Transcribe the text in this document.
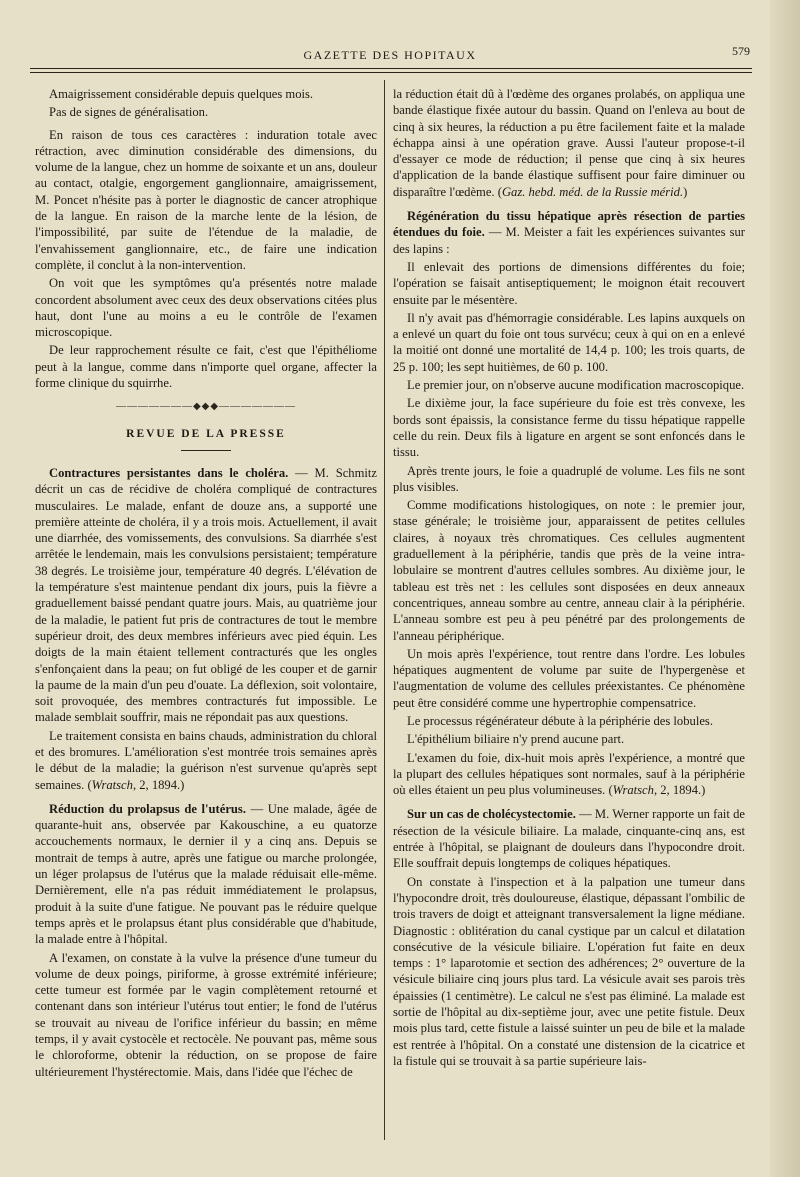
GAZETTE DES HOPITAUX	579

Amaigrissement considérable depuis quelques mois.

Pas de signes de généralisation.

En raison de tous ces caractères : induration totale avec rétraction, avec diminution considérable des dimensions, du volume de la langue, chez un homme de soixante et un ans, douleur au contact, otalgie, engorgement ganglionnaire, amaigrissement, M. Poncet n'hésite pas à porter le diagnostic de cancer atrophique de la langue. En raison de la marche lente de la lésion, de l'impossibilité, par suite de l'étendue de la maladie, de l'envahissement ganglionnaire, etc., de faire une indication complète, il conclut à la non-intervention.

On voit que les symptômes qu'a présentés notre malade concordent absolument avec ceux des deux observations citées plus haut, dont l'une au moins a eu le contrôle de l'examen microscopique.

De leur rapprochement résulte ce fait, c'est que l'épithéliome peut à la langue, comme dans n'importe quel organe, affecter la forme clinique du squirrhe.

———————◆◆◆———————
REVUE DE LA PRESSE

Contractures persistantes dans le choléra. — M. Schmitz décrit un cas de récidive de choléra compliqué de contractures musculaires. Le malade, enfant de douze ans, a supporté une première atteinte de choléra, il y a trois mois. Actuellement, il avait une diarrhée, des vomissements, des convulsions. Sa diarrhée s'est arrêtée le lendemain, mais les convulsions persistaient; température 38 degrés. Le troisième jour, température 40 degrés. L'élévation de la température s'est maintenue pendant dix jours, puis la fièvre a graduellement baissé pendant quatre jours. Mais, au quatrième jour de la maladie, le patient fut pris de contractures de tout le membre supérieur droit, des deux membres inférieurs avec pied équin. Les doigts de la main étaient tellement contracturés que les ongles s'enfonçaient dans la peau; on fut obligé de les couper et de garnir la paume de la main d'un peu d'ouate. La déflexion, soit volontaire, soit provoquée, des membres contracturés fut impossible. Le malade semblait souffrir, mais ne répondait pas aux questions.

Le traitement consista en bains chauds, administration du chloral et des bromures. L'amélioration s'est montrée trois semaines après le début de la maladie; la guérison n'est survenue qu'après sept semaines. (Wratsch, 2, 1894.)

Réduction du prolapsus de l'utérus. — Une malade, âgée de quarante-huit ans, observée par Kakouschine, a eu quatorze accouchements normaux, le dernier il y a cinq ans. Depuis se montrait de temps à autre, après une fatigue ou marche prolongée, un léger prolapsus de l'utérus que la malade réduisait elle-même. Dernièrement, elle n'a pas réduit immédiatement le prolapsus, produit à la suite d'une fatigue. Ne pouvant pas le réduire quelque temps après et le prolapsus étant plus considérable que d'habitude, la malade entre à l'hôpital.

A l'examen, on constate à la vulve la présence d'une tumeur du volume de deux poings, piriforme, à grosse extrémité inférieure; cette tumeur est formée par le vagin complètement retourné et contenant dans son intérieur l'utérus tout entier; le fond de l'utérus se trouvait au niveau de l'orifice inférieur du bassin; en même temps, il y avait cystocèle et rectocèle. Ne pouvant pas, même sous le chloroforme, obtenir la réduction, on se propose de faire ultérieurement l'hystérectomie. Mais, dans l'idée que l'échec de

la réduction était dû à l'œdème des organes prolabés, on appliqua une bande élastique fixée autour du bassin. Quand on l'enleva au bout de cinq à six heures, la réduction a pu être facilement faite et la malade échappa ainsi à une opération grave. Aussi l'auteur propose-t-il d'essayer ce mode de réduction; il pense que cinq à six heures d'application de la bande élastique suffisent pour faire diminuer ou disparaître l'œdème. (Gaz. hebd. méd. de la Russie mérid.)

Régénération du tissu hépatique après résection de parties étendues du foie. — M. Meister a fait les expériences suivantes sur des lapins :

Il enlevait des portions de dimensions différentes du foie; l'opération se faisait antiseptiquement; le moignon était recouvert ensuite par le mésentère.

Il n'y avait pas d'hémorragie considérable. Les lapins auxquels on a enlevé un quart du foie ont tous survécu; ceux à qui on en a enlevé la moitié ont donné une mortalité de 14,4 p. 100; les trois quarts, de 25 p. 100; les sept huitièmes, de 60 p. 100.

Le premier jour, on n'observe aucune modification macroscopique.

Le dixième jour, la face supérieure du foie est très convexe, les bords sont épaissis, la consistance ferme du tissu hépatique rappelle celle du rein. Deux fils à ligature en argent se sont enfoncés dans le tissu.

Après trente jours, le foie a quadruplé de volume. Les fils ne sont plus visibles.

Comme modifications histologiques, on note : le premier jour, stase générale; le troisième jour, apparaissent de petites cellules claires, à noyaux très chromatiques. Ces cellules augmentent graduellement à la périphérie, tandis que près de la veine intra-lobulaire se montrent d'autres cellules sombres. Au dixième jour, le tableau est très net : les cellules sont disposées en deux anneaux concentriques, anneau sombre au centre, anneau clair à la périphérie. L'anneau sombre est peu à peu pénétré par des prolongements de l'anneau périphérique.

Un mois après l'expérience, tout rentre dans l'ordre. Les lobules hépatiques augmentent de volume par suite de l'hypergenèse et l'augmentation de volume des cellules préexistantes. Ce phénomène peut être considéré comme une hypertrophie compensatrice.

Le processus régénérateur débute à la périphérie des lobules.

L'épithélium biliaire n'y prend aucune part.

L'examen du foie, dix-huit mois après l'expérience, a montré que la plupart des cellules hépatiques sont normales, sauf à la périphérie où elles étaient un peu plus volumineuses. (Wratsch, 2, 1894.)

Sur un cas de cholécystectomie. — M. Werner rapporte un fait de résection de la vésicule biliaire. La malade, cinquante-cinq ans, est entrée à l'hôpital, se plaignant de douleurs dans l'hypocondre droit. Elle souffrait depuis longtemps de coliques hépatiques.

On constate à l'inspection et à la palpation une tumeur dans l'hypocondre droit, très douloureuse, élastique, dépassant l'ombilic de trois travers de doigt et atteignant transversalement la ligne médiane. Diagnostic : oblitération du canal cystique par un calcul et dilatation consécutive de la vésicule biliaire. L'opération fut faite en deux temps : 1° laparotomie et section des adhérences; 2° ouverture de la vésicule biliaire cinq jours plus tard. La vésicule avait ses parois très épaissies (1 centimètre). Le calcul ne s'est pas éliminé. La malade est sortie de l'hôpital au dix-septième jour, avec une petite fistule. Deux mois plus tard, cette fistule a laissé suinter un peu de bile et la malade est rentrée à l'hôpital. On a constaté une distension de la cicatrice et la fistule qui se trouvait à sa partie supérieure lais-
